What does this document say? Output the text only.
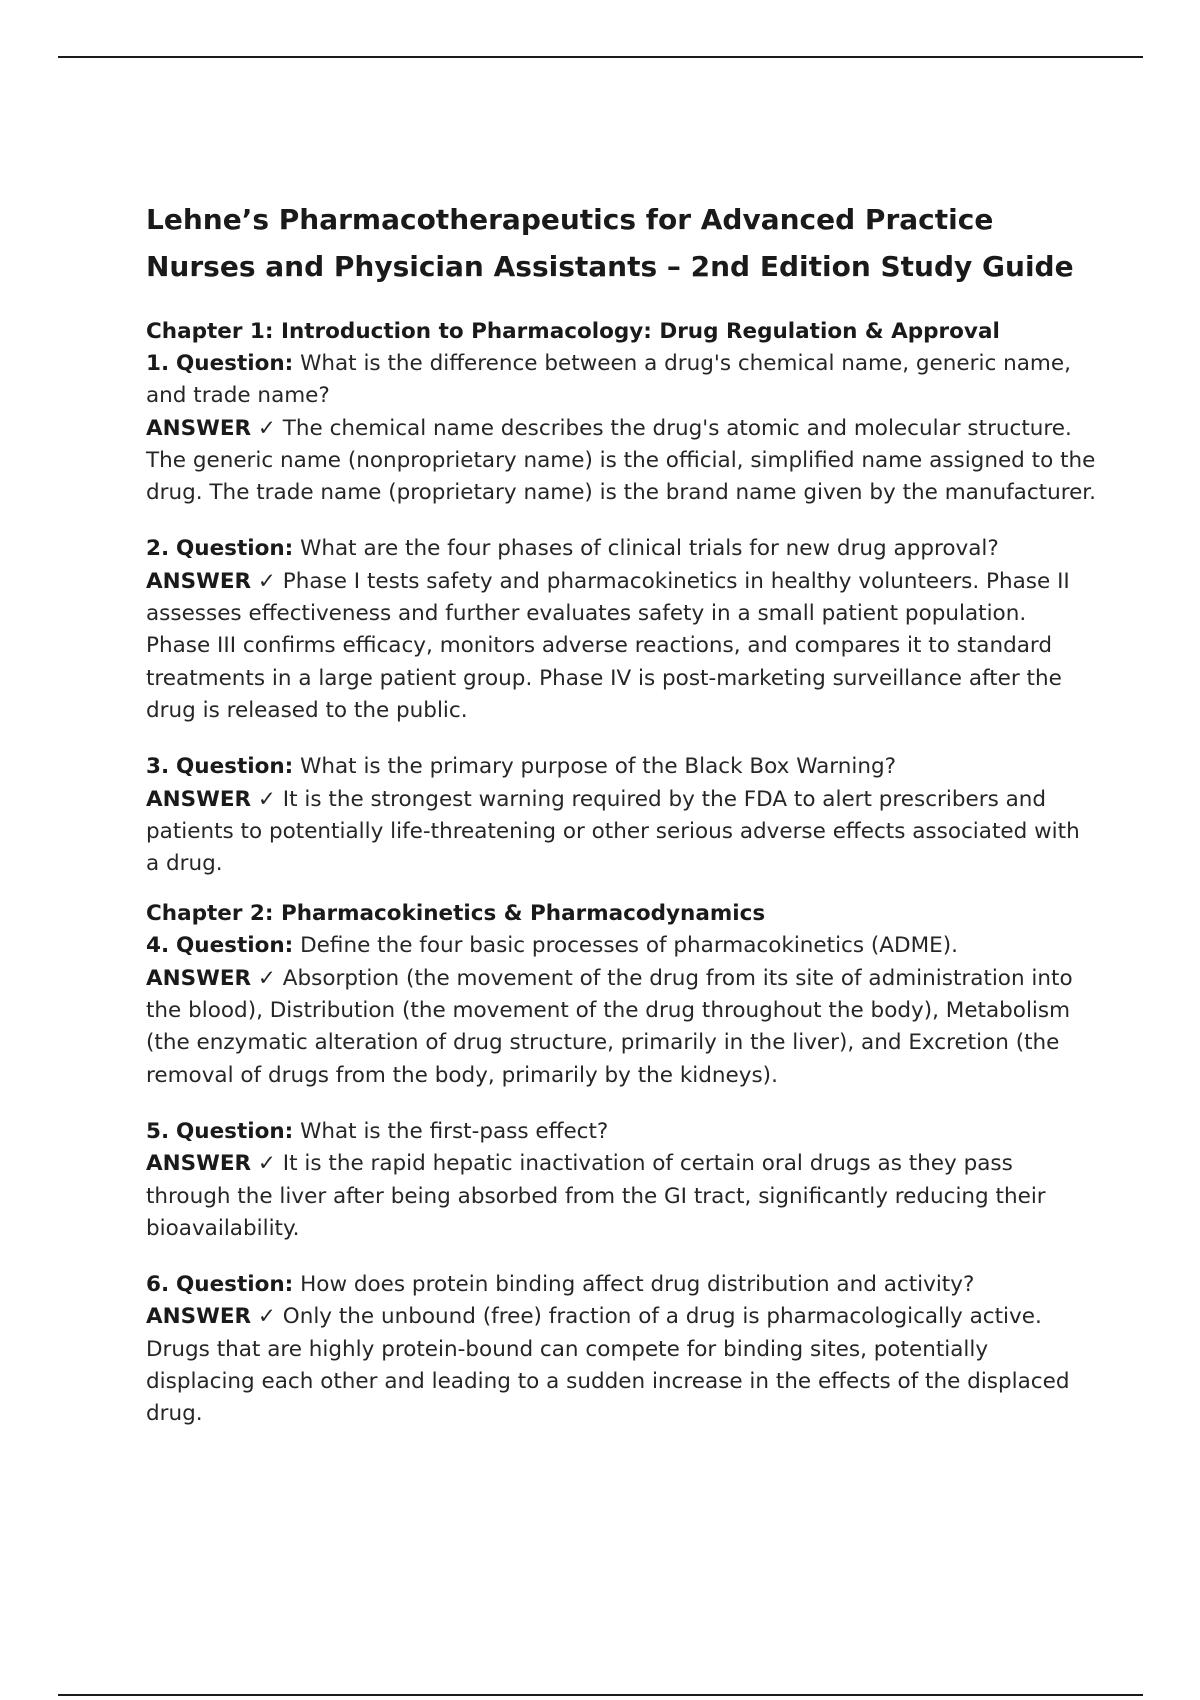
Lehne’s Pharmacotherapeutics for Advanced Practice Nurses and Physician Assistants – 2nd Edition Study Guide
Chapter 1: Introduction to Pharmacology: Drug Regulation & Approval

1. Question: What is the difference between a drug's chemical name, generic name, and trade name?

ANSWER ✓ The chemical name describes the drug's atomic and molecular structure. The generic name (nonproprietary name) is the official, simplified name assigned to the drug. The trade name (proprietary name) is the brand name given by the manufacturer.

2. Question: What are the four phases of clinical trials for new drug approval?

ANSWER ✓ Phase I tests safety and pharmacokinetics in healthy volunteers. Phase II assesses effectiveness and further evaluates safety in a small patient population. Phase III confirms efficacy, monitors adverse reactions, and compares it to standard treatments in a large patient group. Phase IV is post-marketing surveillance after the drug is released to the public.

3. Question: What is the primary purpose of the Black Box Warning?

ANSWER ✓ It is the strongest warning required by the FDA to alert prescribers and patients to potentially life-threatening or other serious adverse effects associated with a drug.

Chapter 2: Pharmacokinetics & Pharmacodynamics

4. Question: Define the four basic processes of pharmacokinetics (ADME).

ANSWER ✓ Absorption (the movement of the drug from its site of administration into the blood), Distribution (the movement of the drug throughout the body), Metabolism (the enzymatic alteration of drug structure, primarily in the liver), and Excretion (the removal of drugs from the body, primarily by the kidneys).

5. Question: What is the first-pass effect?

ANSWER ✓ It is the rapid hepatic inactivation of certain oral drugs as they pass through the liver after being absorbed from the GI tract, significantly reducing their bioavailability.

6. Question: How does protein binding affect drug distribution and activity?

ANSWER ✓ Only the unbound (free) fraction of a drug is pharmacologically active. Drugs that are highly protein-bound can compete for binding sites, potentially displacing each other and leading to a sudden increase in the effects of the displaced drug.
